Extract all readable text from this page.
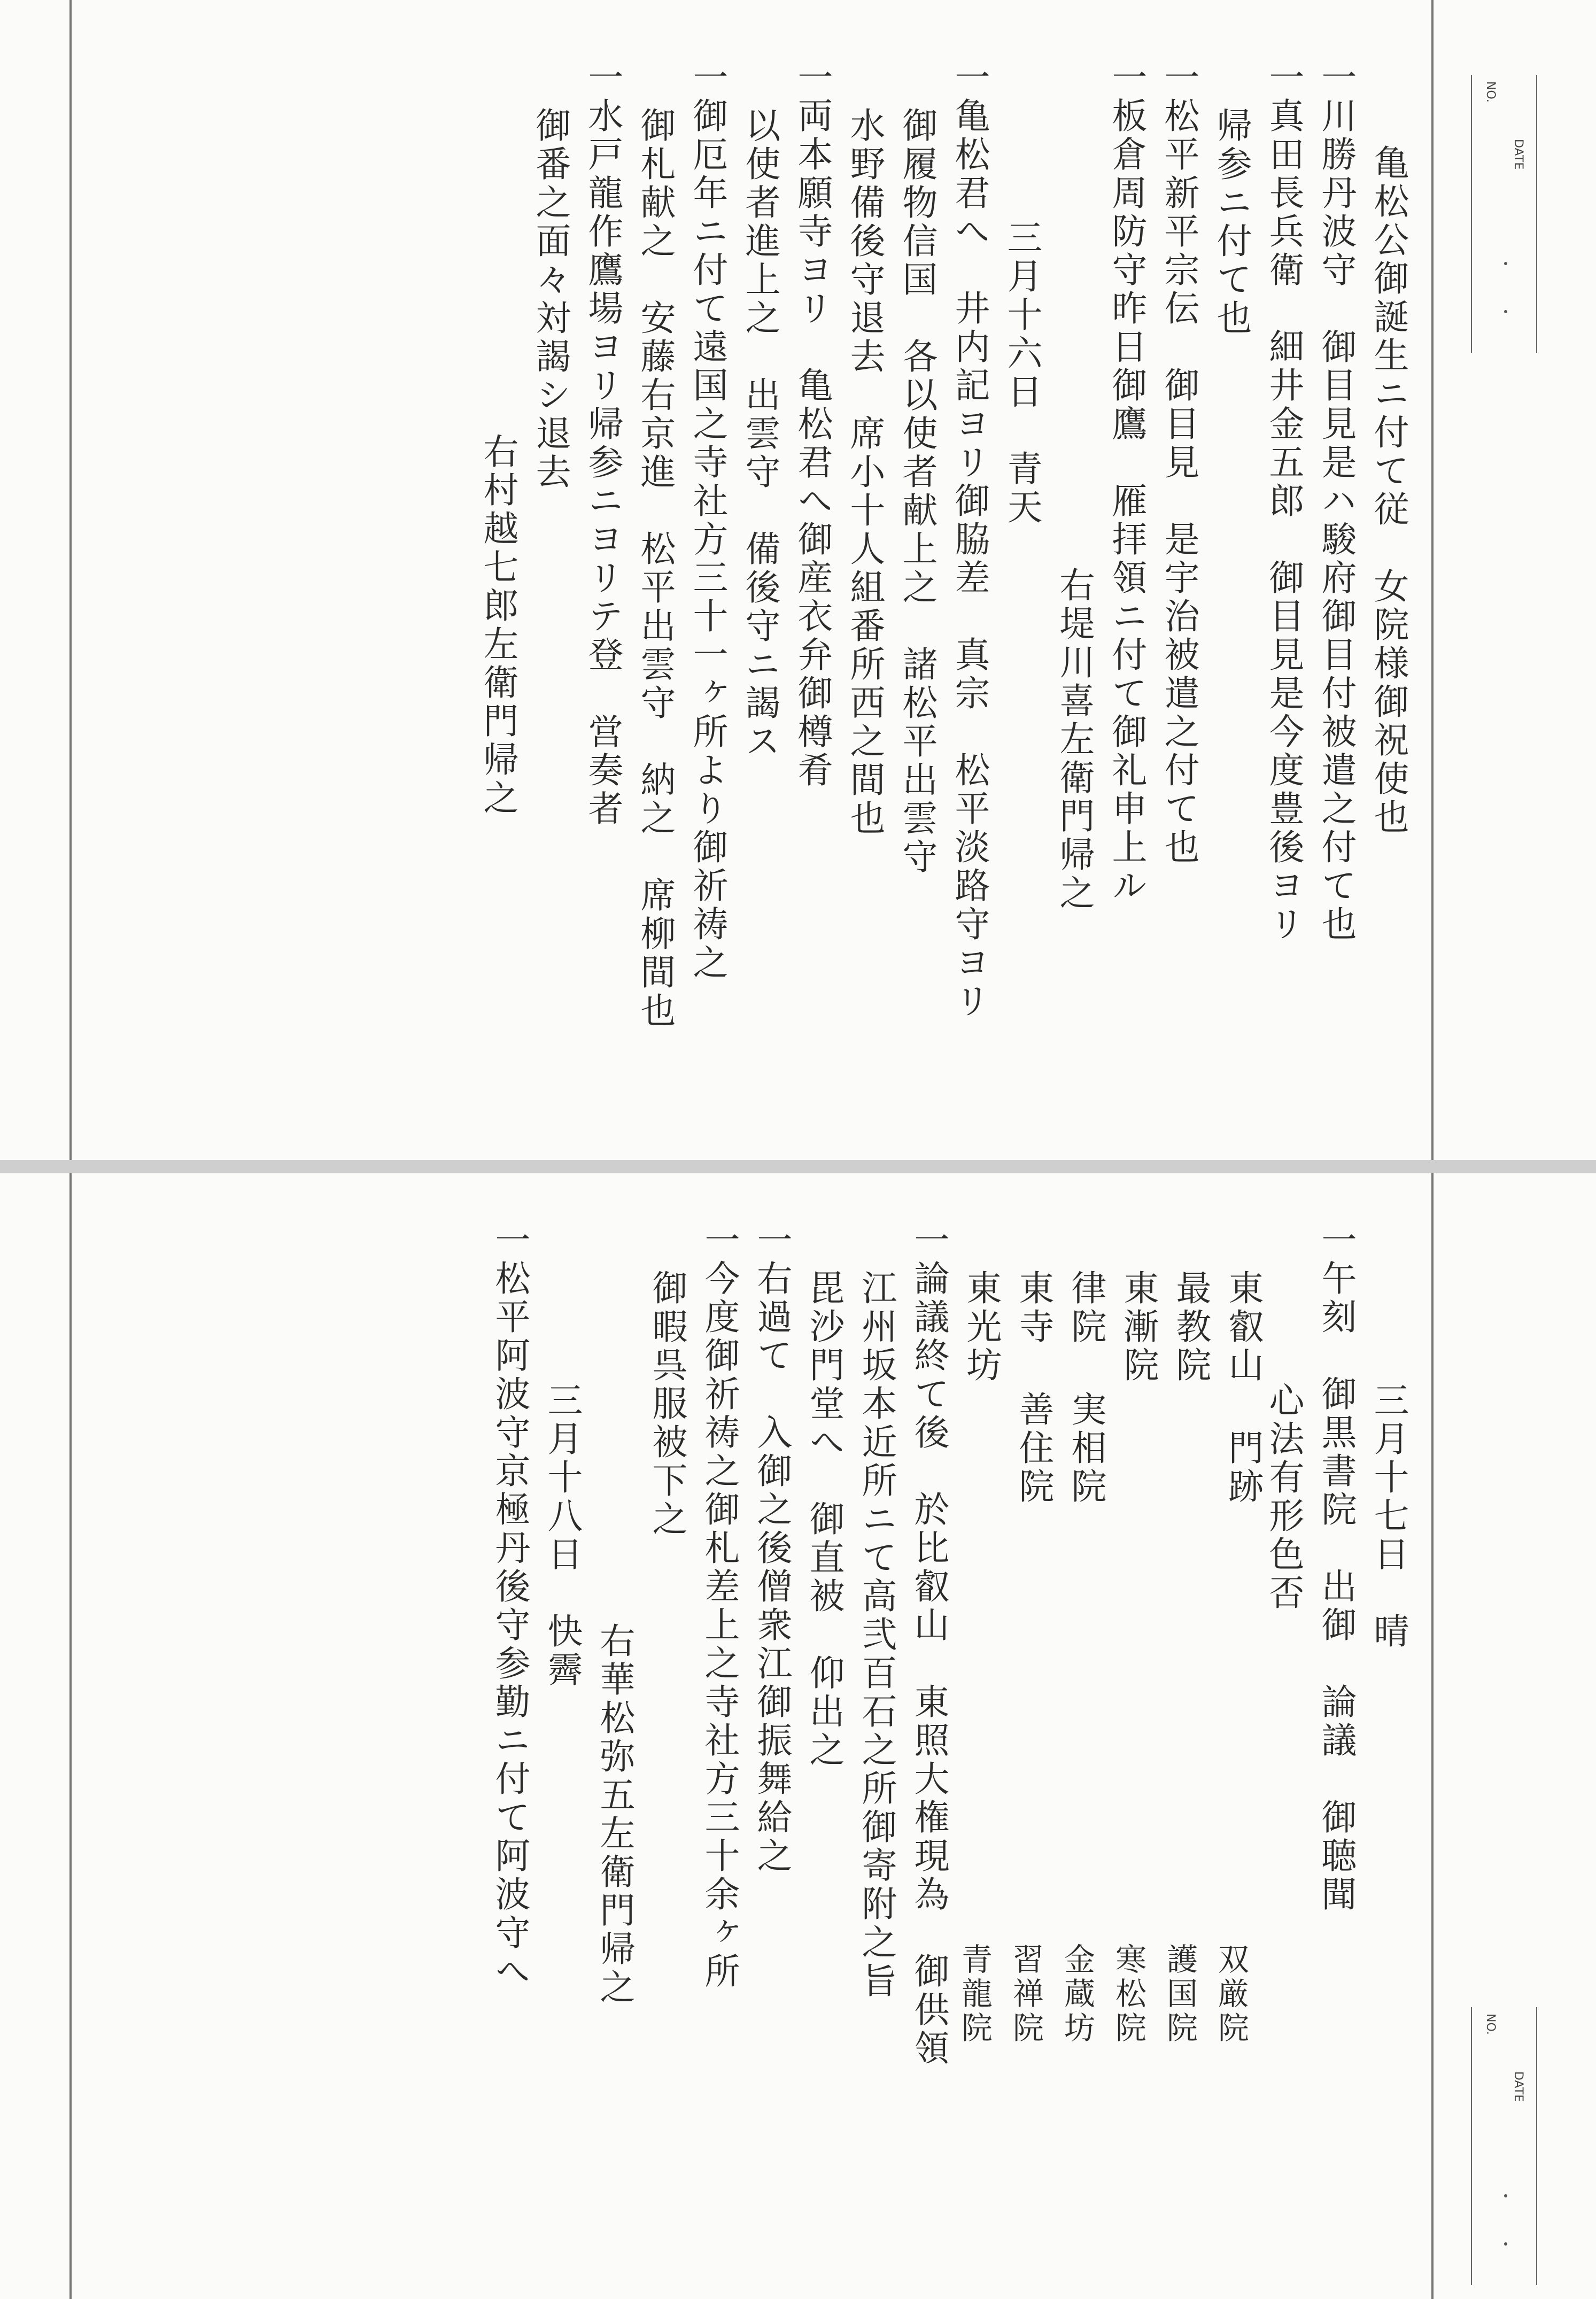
NO.
DATE
亀松公御誕生ニ付て従　女院様御祝使也
一川勝丹波守　御目見是ハ駿府御目付被遣之付て也
一真田長兵衛　細井金五郎　御目見是今度豊後ヨリ
帰参ニ付て也
一松平新平宗伝　御目見　是宇治被遣之付て也
一板倉周防守昨日御鷹　雁拝領ニ付て御礼申上ル
右堤川喜左衛門帰之
三月十六日　青天
一亀松君へ　井内記ヨリ御脇差　真宗　松平淡路守ヨリ
御履物信国　各以使者献上之　諸松平出雲守
水野備後守退去　席小十人組番所西之間也
一両本願寺ヨリ　亀松君へ御産衣弁御樽肴
以使者進上之　出雲守　備後守ニ謁ス
一御厄年ニ付て遠国之寺社方三十一ヶ所より御祈祷之
御札献之　安藤右京進　松平出雲守　納之　席柳間也
一水戸龍作鷹場ヨリ帰参ニヨリテ登　営奏者
御番之面々対謁シ退去
右村越七郎左衛門帰之
NO.
DATE
三月十七日　晴
一午刻　御黒書院　出御　論議　御聴聞
心法有形色否
双厳院
護国院
寒松院
金蔵坊
習禅院
青龍院
東叡山 門跡
最教院
東漸院
律院 実相院
東寺 善住院
東光坊
一論議終て後　於比叡山　東照大権現為　御供領
江州坂本近所ニて高弐百石之所御寄附之旨
毘沙門堂へ　御直被　仰出之
一右過て　入御之後僧衆江御振舞給之
一今度御祈祷之御札差上之寺社方三十余ヶ所
御暇呉服被下之
右華松弥五左衛門帰之
三月十八日　快霽
一松平阿波守京極丹後守参勤ニ付て阿波守へ
